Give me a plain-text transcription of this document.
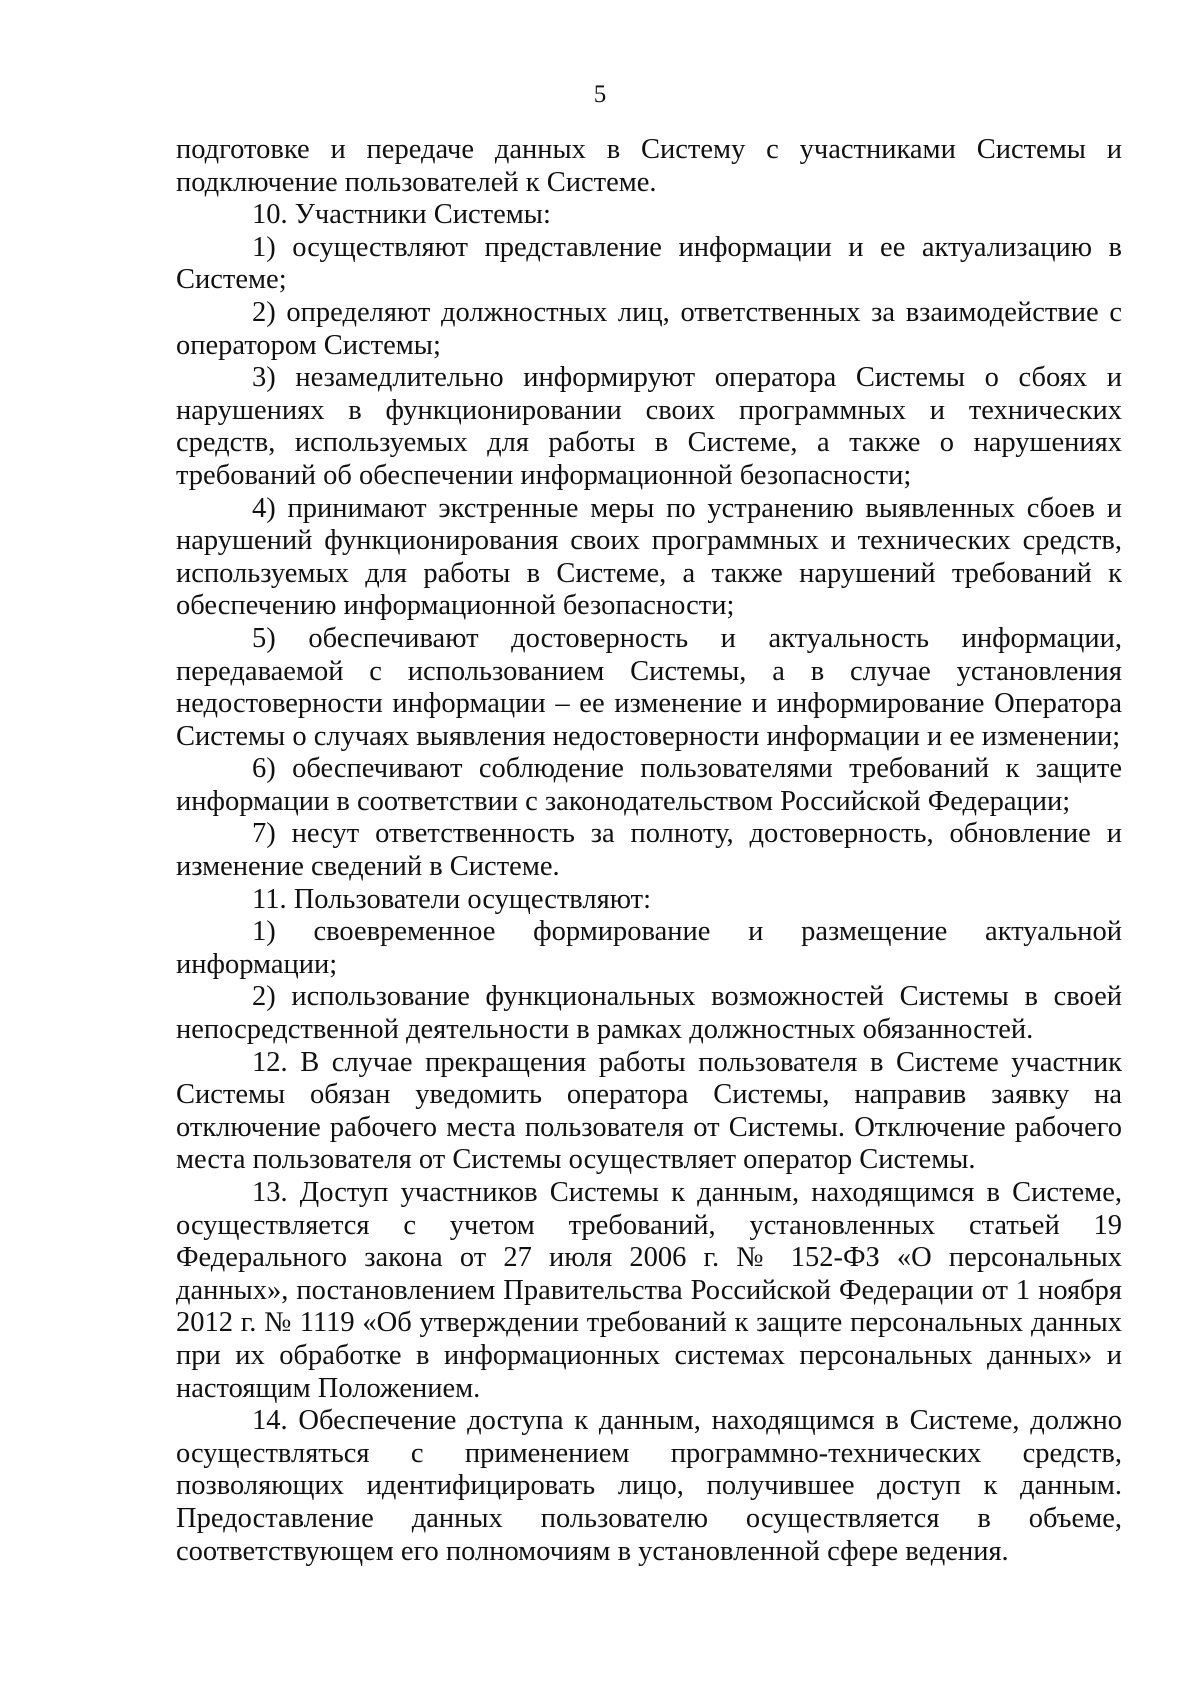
5

подготовке и передаче данных в Систему с участниками Системы и подключение пользователей к Системе.

10. Участники Системы:

1) осуществляют представление информации и ее актуализацию в Системе;

2) определяют должностных лиц, ответственных за взаимодействие с оператором Системы;

3) незамедлительно информируют оператора Системы о сбоях и нарушениях в функционировании своих программных и технических средств, используемых для работы в Системе, а также о нарушениях требований об обеспечении информационной безопасности;

4) принимают экстренные меры по устранению выявленных сбоев и нарушений функционирования своих программных и технических средств, используемых для работы в Системе, а также нарушений требований к обеспечению информационной безопасности;

5) обеспечивают достоверность и актуальность информации, передаваемой с использованием Системы, а в случае установления недостоверности информации – ее изменение и информирование Оператора Системы о случаях выявления недостоверности информации и ее изменении;

6) обеспечивают соблюдение пользователями требований к защите информации в соответствии с законодательством Российской Федерации;

7) несут ответственность за полноту, достоверность, обновление и изменение сведений в Системе.

11. Пользователи осуществляют:

1) своевременное формирование и размещение актуальной информации;

2) использование функциональных возможностей Системы в своей непосредственной деятельности в рамках должностных обязанностей.

12. В случае прекращения работы пользователя в Системе участник Системы обязан уведомить оператора Системы, направив заявку на отключение рабочего места пользователя от Системы. Отключение рабочего места пользователя от Системы осуществляет оператор Системы.

13. Доступ участников Системы к данным, находящимся в Системе, осуществляется с учетом требований, установленных статьей 19 Федерального закона от 27 июля 2006 г. № 152-ФЗ «О персональных данных», постановлением Правительства Российской Федерации от 1 ноября 2012 г. № 1119 «Об утверждении требований к защите персональных данных при их обработке в информационных системах персональных данных» и настоящим Положением.

14. Обеспечение доступа к данным, находящимся в Системе, должно осуществляться с применением программно-технических средств, позволяющих идентифицировать лицо, получившее доступ к данным. Предоставление данных пользователю осуществляется в объеме, соответствующем его полномочиям в установленной сфере ведения.
